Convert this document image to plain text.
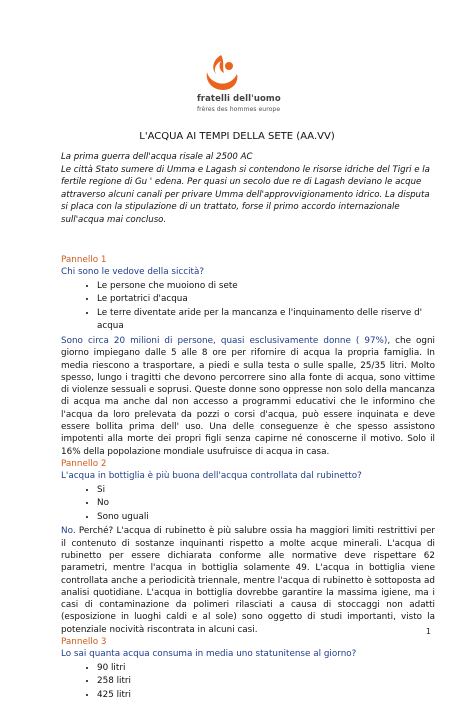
fratelli dell'uomo
frères des hommes europe
L'ACQUA AI TEMPI DELLA SETE (AA.VV)

La prima guerra dell'acqua risale al 2500 AC

Le città Stato sumere di Umma e Lagash si contendono le risorse idriche del Tigri e la fertile regione di Gu ' edena. Per quasi un secolo due re di Lagash deviano le acque attraverso alcuni canali per privare Umma dell'approvvigionamento idrico. La disputa si placa con la stipulazione di un trattato, forse il primo accordo internazionale sull'acqua mai concluso.

Pannello 1

Chi sono le vedove della siccità?

• Le persone che muoiono di sete
• Le portatrici d'acqua
• Le terre diventate aride per la mancanza e l'inquinamento delle riserve d' acqua

Sono circa 20 milioni di persone, quasi esclusivamente donne ( 97%), che ogni giorno impiegano dalle 5 alle 8 ore per rifornire di acqua la propria famiglia. In media riescono a trasportare, a piedi e sulla testa o sulle spalle, 25/35 litri. Molto spesso, lungo i tragitti che devono percorrere sino alla fonte di acqua, sono vittime di violenze sessuali e soprusi. Queste donne sono oppresse non solo della mancanza di acqua ma anche dal non accesso a programmi educativi che le informino che l'acqua da loro prelevata da pozzi o corsi d'acqua, può essere inquinata e deve essere bollita prima dell' uso. Una delle conseguenze è che spesso assistono impotenti alla morte dei propri figli senza capirne né conoscerne il motivo. Solo il 16% della popolazione mondiale usufruisce di acqua in casa.

Pannello 2

L'acqua in bottiglia è più buona dell'acqua controllata dal rubinetto?

• Si
• No
• Sono uguali

No. Perché? L'acqua di rubinetto è più salubre ossia ha maggiori limiti restrittivi per il contenuto di sostanze inquinanti rispetto a molte acque minerali. L'acqua di rubinetto per essere dichiarata conforme alle normative deve rispettare 62 parametri, mentre l'acqua in bottiglia solamente 49. L'acqua in bottiglia viene controllata anche a periodicità triennale, mentre l'acqua di rubinetto è sottoposta ad analisi quotidiane. L'acqua in bottiglia dovrebbe garantire la massima igiene, ma i casi di contaminazione da polimeri rilasciati a causa di stoccaggi non adatti (esposizione in luoghi caldi e al sole) sono oggetto di studi importanti, visto la potenziale nocività riscontrata in alcuni casi.

Pannello 3

Lo sai quanta acqua consuma in media uno statunitense al giorno?

• 90 litri
• 258 litri
• 425 litri
1
